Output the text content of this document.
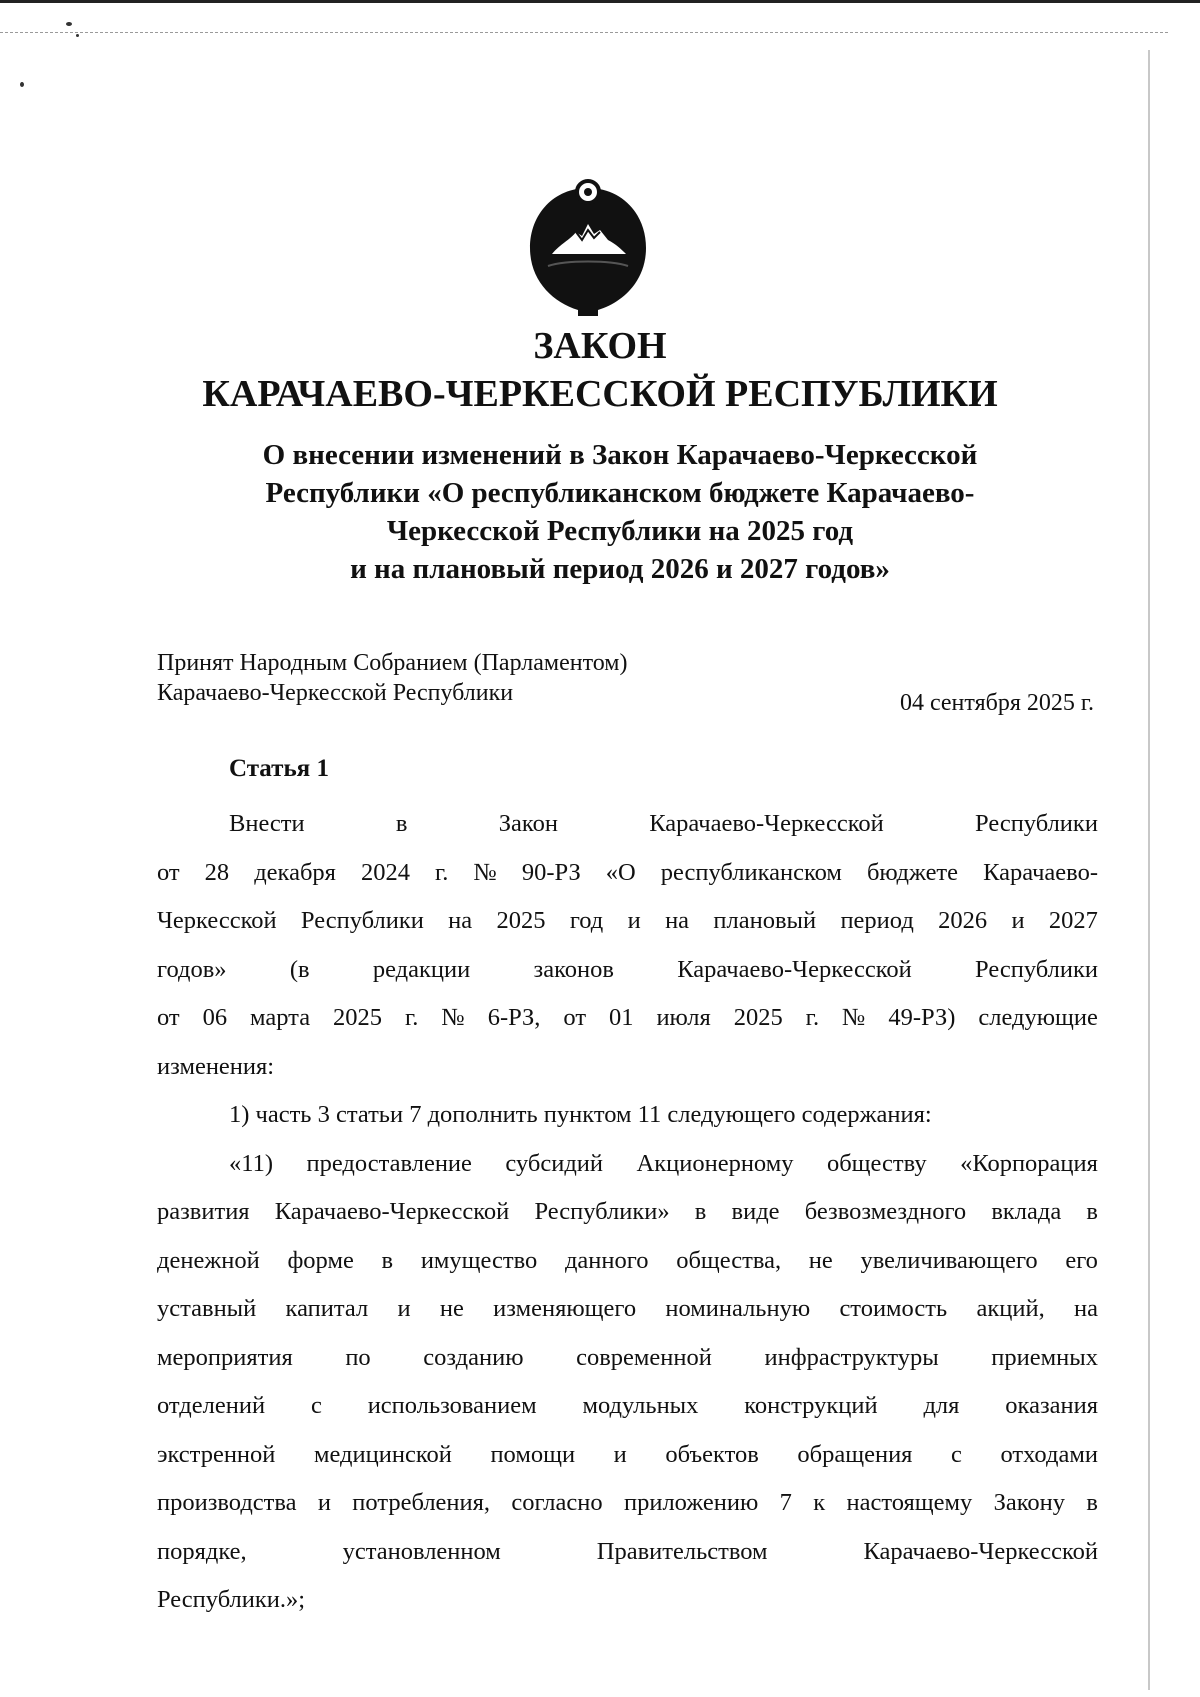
ЗАКОН
КАРАЧАЕВО-ЧЕРКЕССКОЙ РЕСПУБЛИКИ
О внесении изменений в Закон Карачаево-Черкесской
Республики «О республиканском бюджете Карачаево-
Черкесской Республики на 2025 год
и на плановый период 2026 и 2027 годов»
Принят Народным Собранием (Парламентом)
Карачаево-Черкесской Республики	04 сентября 2025 г.
Статья 1
Внести	в	Закон	Карачаево-Черкесской	Республики
от 28 декабря 2024 г. № 90-РЗ «О республиканском бюджете Карачаево-
Черкесской Республики на 2025 год и на плановый период 2026 и 2027
годов»	(в	редакции	законов	Карачаево-Черкесской	Республики
от 06 марта 2025 г. № 6-РЗ, от 01 июля 2025 г. № 49-РЗ) следующие
изменения:
1) часть 3 статьи 7 дополнить пунктом 11 следующего содержания:
«11) предоставление субсидий Акционерному обществу «Корпорация
развития Карачаево-Черкесской Республики» в виде безвозмездного вклада в
денежной форме в имущество данного общества, не увеличивающего его
уставный капитал и не изменяющего номинальную стоимость акций, на
мероприятия по созданию современной инфраструктуры приемных
отделений с использованием модульных конструкций для оказания
экстренной медицинской помощи и объектов обращения с отходами
производства и потребления, согласно приложению 7 к настоящему Закону в
порядке,	установленном	Правительством	Карачаево-Черкесской
Республики.»;
